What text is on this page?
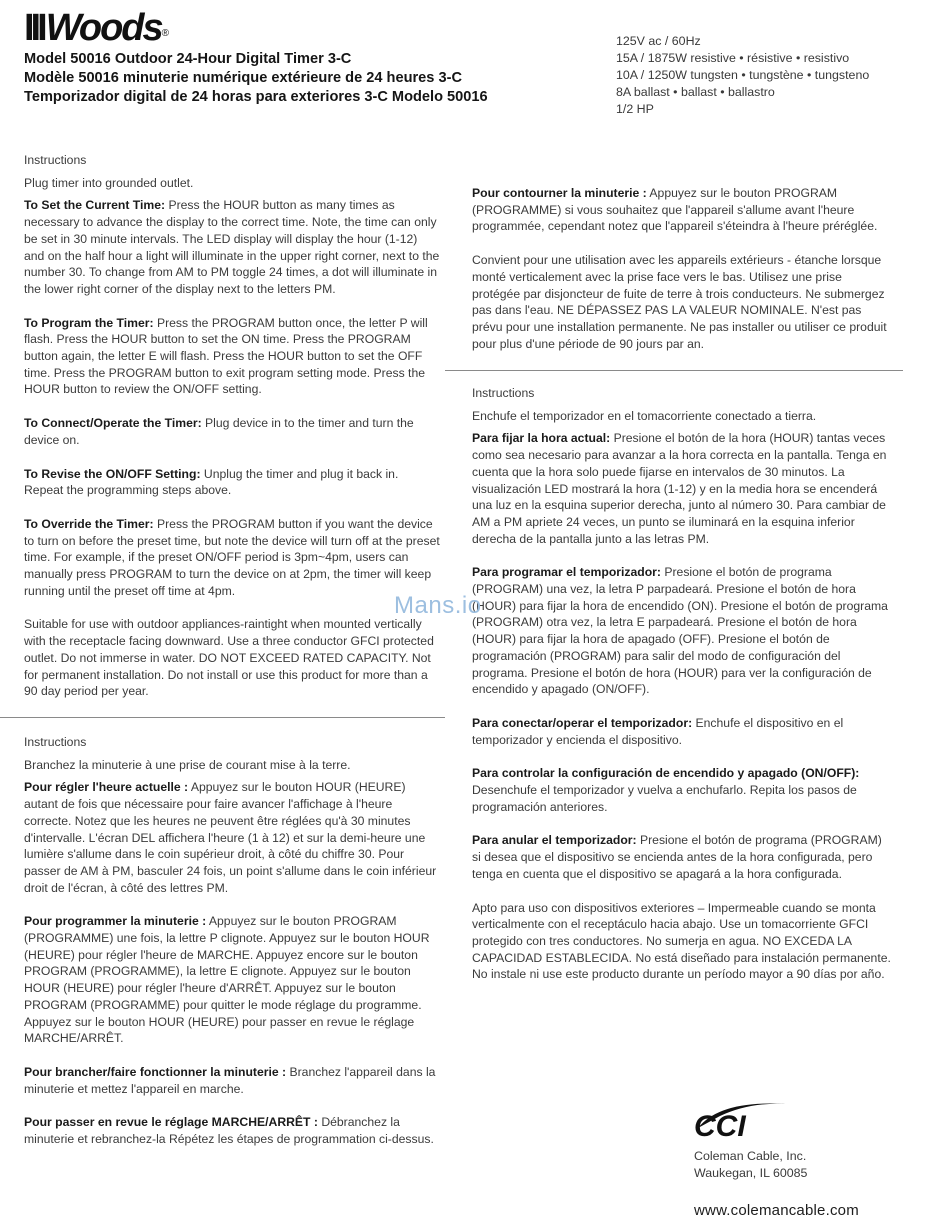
IIIWoods®
Model 50016 Outdoor 24-Hour Digital Timer 3-C
Modèle 50016 minuterie numérique extérieure de 24 heures 3-C
Temporizador digital de 24 horas para exteriores 3-C Modelo 50016
125V ac / 60Hz
15A / 1875W resistive • résistive • resistivo
10A / 1250W tungsten • tungstène • tungsteno
8A ballast • ballast • ballastro
1/2 HP

Instructions

Plug timer into grounded outlet.

To Set the Current Time: Press the HOUR button as many times as necessary to advance the display to the correct time. Note, the time can only be set in 30 minute intervals. The LED display will display the hour (1-12) and on the half hour a light will illuminate in the upper right corner, next to the number 30. To change from AM to PM toggle 24 times, a dot will illuminate in the lower right corner of the display next to the letters PM.

To Program the Timer: Press the PROGRAM button once, the letter P will flash. Press the HOUR button to set the ON time. Press the PROGRAM button again, the letter E will flash. Press the HOUR button to set the OFF time. Press the PROGRAM button to exit program setting mode. Press the HOUR button to review the ON/OFF setting.

To Connect/Operate the Timer: Plug device in to the timer and turn the device on.

To Revise the ON/OFF Setting: Unplug the timer and plug it back in. Repeat the programming steps above.

To Override the Timer: Press the PROGRAM button if you want the device to turn on before the preset time, but note the device will turn off at the preset time. For example, if the preset ON/OFF period is 3pm~4pm, users can manually press PROGRAM to turn the device on at 2pm, the timer will keep running until the preset off time at 4pm.

Suitable for use with outdoor appliances-raintight when mounted vertically with the receptacle facing downward. Use a three conductor GFCI protected outlet. Do not immerse in water. DO NOT EXCEED RATED CAPACITY. Not for permanent installation. Do not install or use this product for more than a 90 day period per year.

Instructions

Branchez la minuterie à une prise de courant mise à la terre.

Pour régler l'heure actuelle : Appuyez sur le bouton HOUR (HEURE) autant de fois que nécessaire pour faire avancer l'affichage à l'heure correcte. Notez que les heures ne peuvent être réglées qu'à 30 minutes d'intervalle. L'écran DEL affichera l'heure (1 à 12) et sur la demi-heure une lumière s'allume dans le coin supérieur droit, à côté du chiffre 30. Pour passer de AM à PM, basculer 24 fois, un point s'allume dans le coin inférieur droit de l'écran, à côté des lettres PM.

Pour programmer la minuterie : Appuyez sur le bouton PROGRAM (PROGRAMME) une fois, la lettre P clignote. Appuyez sur le bouton HOUR (HEURE) pour régler l'heure de MARCHE. Appuyez encore sur le bouton PROGRAM (PROGRAMME), la lettre E clignote. Appuyez sur le bouton HOUR (HEURE) pour régler l'heure d'ARRÊT. Appuyez sur le bouton PROGRAM (PROGRAMME) pour quitter le mode réglage du programme. Appuyez sur le bouton HOUR (HEURE) pour passer en revue le réglage MARCHE/ARRÊT.

Pour brancher/faire fonctionner la minuterie : Branchez l'appareil dans la minuterie et mettez l'appareil en marche.

Pour passer en revue le réglage MARCHE/ARRÊT : Débranchez la minuterie et rebranchez-la Répétez les étapes de programmation ci-dessus.

Pour contourner la minuterie : Appuyez sur le bouton PROGRAM (PROGRAMME) si vous souhaitez que l'appareil s'allume avant l'heure programmée, cependant notez que l'appareil s'éteindra à l'heure préréglée.

Convient pour une utilisation avec les appareils extérieurs - étanche lorsque monté verticalement avec la prise face vers le bas. Utilisez une prise protégée par disjoncteur de fuite de terre à trois conducteurs. Ne submergez pas dans l'eau. NE DÉPASSEZ PAS LA VALEUR NOMINALE. N'est pas prévu pour une installation permanente. Ne pas installer ou utiliser ce produit pour plus d'une période de 90 jours par an.

Instructions

Enchufe el temporizador en el tomacorriente conectado a tierra.

Para fijar la hora actual: Presione el botón de la hora (HOUR) tantas veces como sea necesario para avanzar a la hora correcta en la pantalla. Tenga en cuenta que la hora solo puede fijarse en intervalos de 30 minutos. La visualización LED mostrará la hora (1-12) y en la media hora se encenderá una luz en la esquina superior derecha, junto al número 30. Para cambiar de AM a PM apriete 24 veces, un punto se iluminará en la esquina inferior derecha de la pantalla junto a las letras PM.

Para programar el temporizador: Presione el botón de programa (PROGRAM) una vez, la letra P parpadeará. Presione el botón de hora (HOUR) para fijar la hora de encendido (ON). Presione el botón de programa (PROGRAM) otra vez, la letra E parpadeará. Presione el botón de hora (HOUR) para fijar la hora de apagado (OFF). Presione el botón de programación (PROGRAM) para salir del modo de configuración del programa. Presione el botón de hora (HOUR) para ver la configuración de encendido y apagado (ON/OFF).

Para conectar/operar el temporizador: Enchufe el dispositivo en el temporizador y encienda el dispositivo.

Para controlar la configuración de encendido y apagado (ON/OFF):
Desenchufe el temporizador y vuelva a enchufarlo. Repita los pasos de programación anteriores.

Para anular el temporizador: Presione el botón de programa (PROGRAM) si desea que el dispositivo se encienda antes de la hora configurada, pero tenga en cuenta que el dispositivo se apagará a la hora configurada.

Apto para uso con dispositivos exteriores – Impermeable cuando se monta verticalmente con el receptáculo hacia abajo. Use un tomacorriente GFCI protegido con tres conductores. No sumerja en agua. NO EXCEDA LA CAPACIDAD ESTABLECIDA. No está diseñado para instalación permanente. No instale ni use este producto durante un período mayor a 90 días por año.

Mans.io
CCI
Coleman Cable, Inc.
Waukegan, IL 60085
www.colemancable.com
